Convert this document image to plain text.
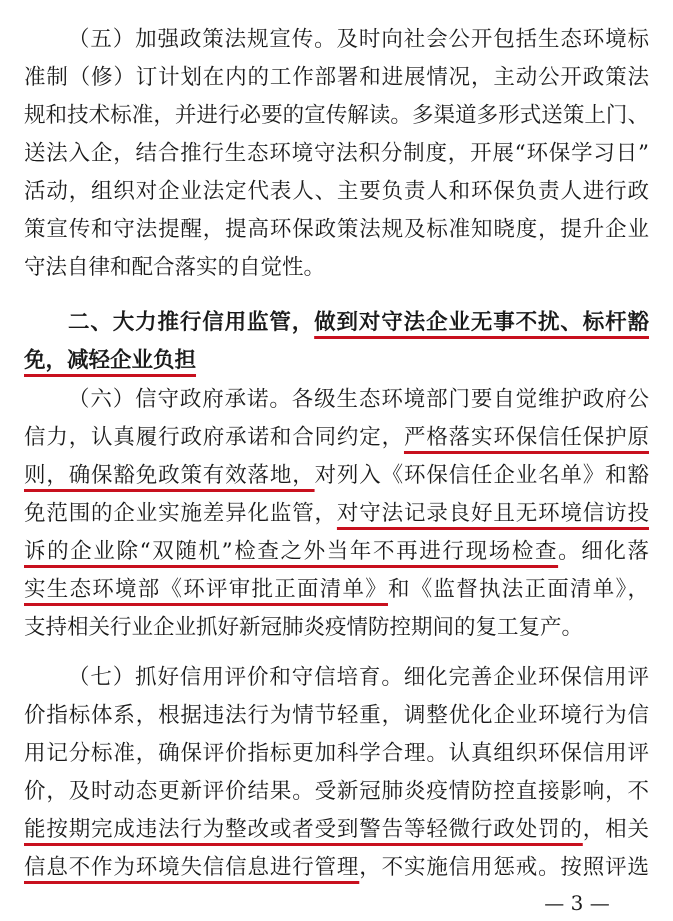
（五）加强政策法规宣传。及时向社会公开包括生态环境标
准制（修）订计划在内的工作部署和进展情况，主动公开政策法
规和技术标准，并进行必要的宣传解读。多渠道多形式送策上门、
送法入企，结合推行生态环境守法积分制度，开展“环保学习日”
活动，组织对企业法定代表人、主要负责人和环保负责人进行政
策宣传和守法提醒，提高环保政策法规及标准知晓度，提升企业
守法自律和配合落实的自觉性。
二、大力推行信用监管，做到对守法企业无事不扰、标杆豁
免，减轻企业负担
（六）信守政府承诺。各级生态环境部门要自觉维护政府公
信力，认真履行政府承诺和合同约定，严格落实环保信任保护原
则，确保豁免政策有效落地，对列入《环保信任企业名单》和豁
免范围的企业实施差异化监管，对守法记录良好且无环境信访投
诉的企业除“双随机”检查之外当年不再进行现场检查。细化落
实生态环境部《环评审批正面清单》和《监督执法正面清单》，
支持相关行业企业抓好新冠肺炎疫情防控期间的复工复产。
（七）抓好信用评价和守信培育。细化完善企业环保信用评
价指标体系，根据违法行为情节轻重，调整优化企业环境行为信
用记分标准，确保评价指标更加科学合理。认真组织环保信用评
价，及时动态更新评价结果。受新冠肺炎疫情防控直接影响，不
能按期完成违法行为整改或者受到警告等轻微行政处罚的，相关
信息不作为环境失信信息进行管理，不实施信用惩戒。按照评选
— 3 —
